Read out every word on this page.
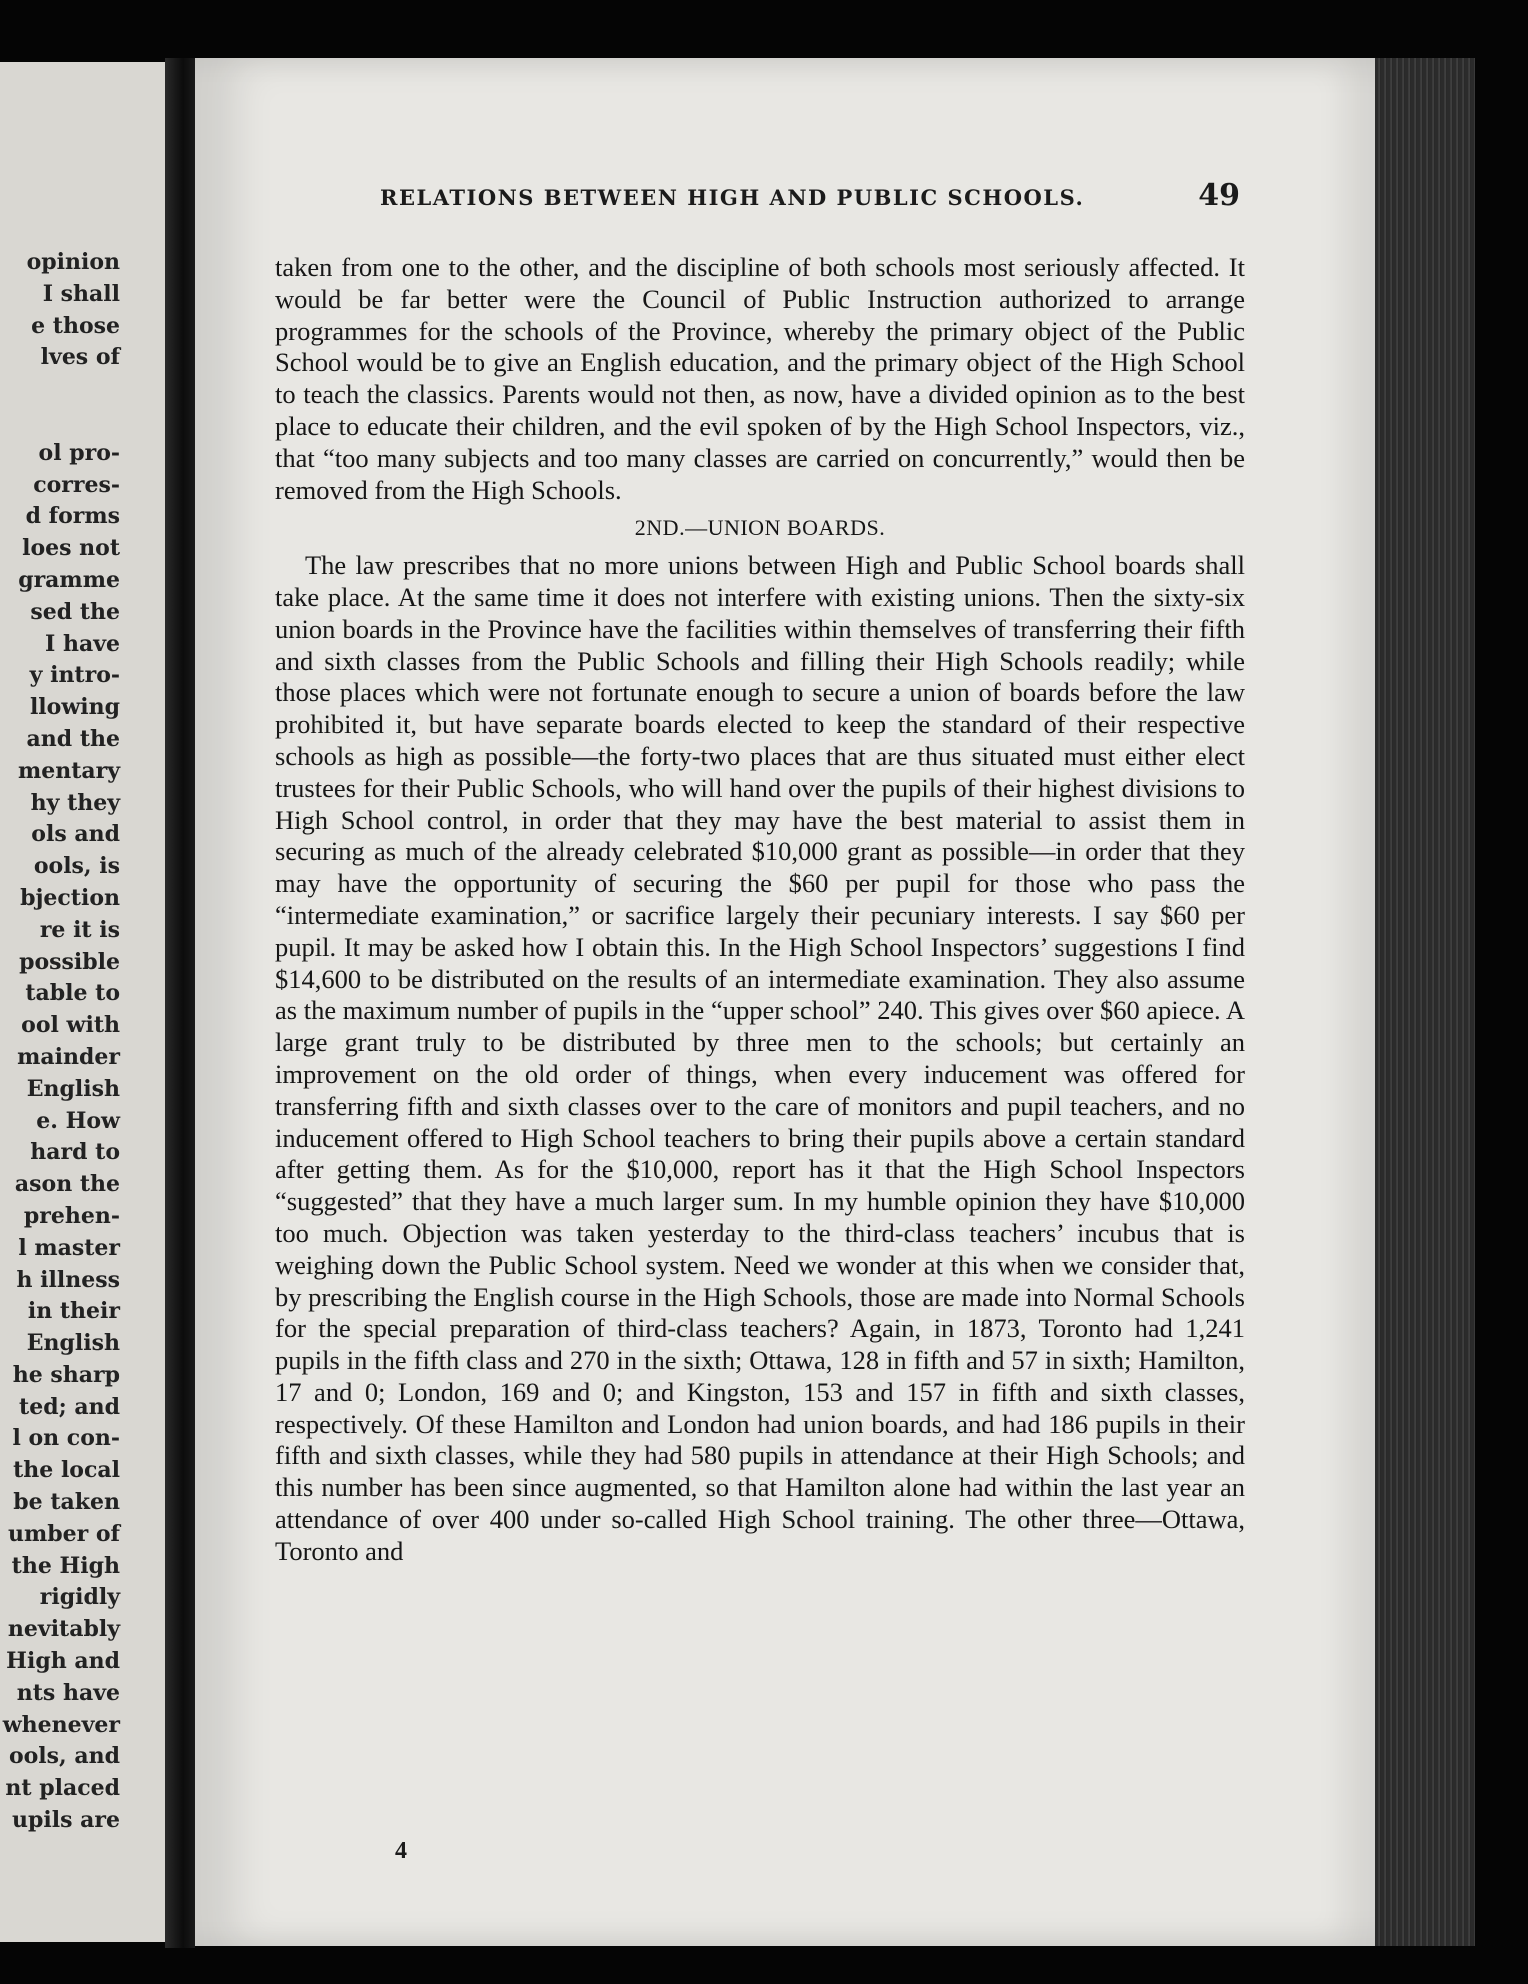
opinion
I shall
e those
lves of

ol pro-
corres-
d forms
loes not
gramme
sed the
I have
y intro-
llowing
and the
mentary
hy they
ols and
ools, is
bjection
re it is
possible
table to
ool with
mainder
English
e. How
hard to
ason the
prehen-
l master
h illness
in their
English
he sharp
ted; and
l on con-
the local
be taken
umber of
the High
rigidly
nevitably
High and
nts have
whenever
ools, and
nt placed
upils are
RELATIONS BETWEEN HIGH AND PUBLIC SCHOOLS.	49

taken from one to the other, and the discipline of both schools most seriously affected. It would be far better were the Council of Public Instruction authorized to arrange programmes for the schools of the Province, whereby the primary object of the Public School would be to give an English education, and the primary object of the High School to teach the classics. Parents would not then, as now, have a divided opinion as to the best place to educate their children, and the evil spoken of by the High School Inspectors, viz., that “too many subjects and too many classes are carried on concurrently,” would then be removed from the High Schools.

2ND.—UNION BOARDS.

The law prescribes that no more unions between High and Public School boards shall take place. At the same time it does not interfere with existing unions. Then the sixty-six union boards in the Province have the facilities within themselves of transferring their fifth and sixth classes from the Public Schools and filling their High Schools readily; while those places which were not fortunate enough to secure a union of boards before the law prohibited it, but have separate boards elected to keep the standard of their respective schools as high as possible—the forty-two places that are thus situated must either elect trustees for their Public Schools, who will hand over the pupils of their highest divisions to High School control, in order that they may have the best material to assist them in securing as much of the already celebrated $10,000 grant as possible—in order that they may have the opportunity of securing the $60 per pupil for those who pass the “intermediate examination,” or sacrifice largely their pecuniary interests. I say $60 per pupil. It may be asked how I obtain this. In the High School Inspectors’ suggestions I find $14,600 to be distributed on the results of an intermediate examination. They also assume as the maximum number of pupils in the “upper school” 240. This gives over $60 apiece. A large grant truly to be distributed by three men to the schools; but certainly an improvement on the old order of things, when every inducement was offered for transferring fifth and sixth classes over to the care of monitors and pupil teachers, and no inducement offered to High School teachers to bring their pupils above a certain standard after getting them. As for the $10,000, report has it that the High School Inspectors “suggested” that they have a much larger sum. In my humble opinion they have $10,000 too much. Objection was taken yesterday to the third-class teachers’ incubus that is weighing down the Public School system. Need we wonder at this when we consider that, by prescribing the English course in the High Schools, those are made into Normal Schools for the special preparation of third-class teachers? Again, in 1873, Toronto had 1,241 pupils in the fifth class and 270 in the sixth; Ottawa, 128 in fifth and 57 in sixth; Hamilton, 17 and 0; London, 169 and 0; and Kingston, 153 and 157 in fifth and sixth classes, respectively. Of these Hamilton and London had union boards, and had 186 pupils in their fifth and sixth classes, while they had 580 pupils in attendance at their High Schools; and this number has been since augmented, so that Hamilton alone had within the last year an attendance of over 400 under so-called High School training. The other three—Ottawa, Toronto and

4
